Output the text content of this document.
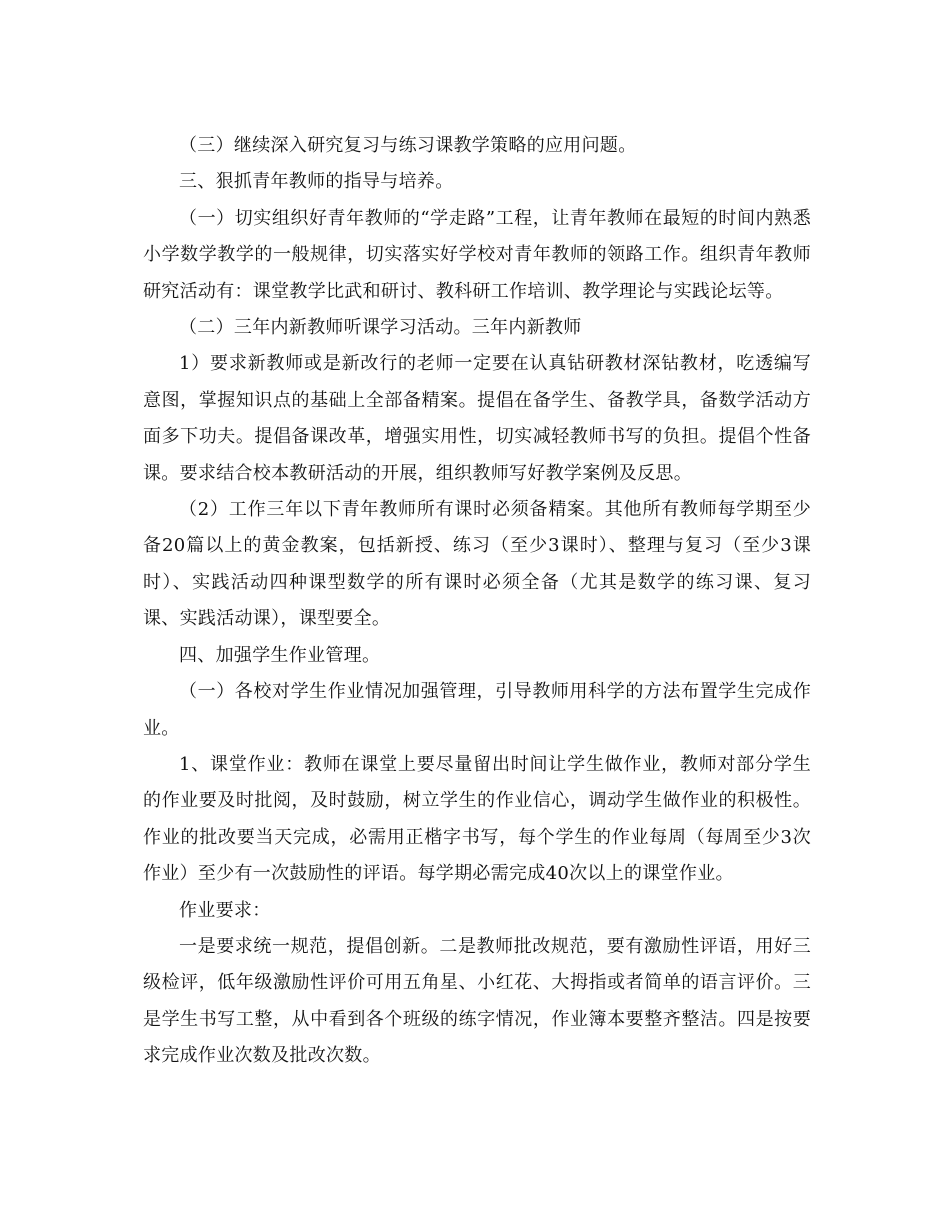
（三）继续深入研究复习与练习课教学策略的应用问题。

三、狠抓青年教师的指导与培养。

（一）切实组织好青年教师的“学走路”工程，让青年教师在最短的时间内熟悉小学数学教学的一般规律，切实落实好学校对青年教师的领路工作。组织青年教师研究活动有：课堂教学比武和研讨、教科研工作培训、教学理论与实践论坛等。

（二）三年内新教师听课学习活动。三年内新教师

1）要求新教师或是新改行的老师一定要在认真钻研教材深钻教材，吃透编写意图，掌握知识点的基础上全部备精案。提倡在备学生、备教学具，备数学活动方面多下功夫。提倡备课改革，增强实用性，切实减轻教师书写的负担。提倡个性备课。要求结合校本教研活动的开展，组织教师写好教学案例及反思。

（2）工作三年以下青年教师所有课时必须备精案。其他所有教师每学期至少备20篇以上的黄金教案，包括新授、练习（至少3课时）、整理与复习（至少3课时）、实践活动四种课型数学的所有课时必须全备（尤其是数学的练习课、复习课、实践活动课），课型要全。

四、加强学生作业管理。

（一）各校对学生作业情况加强管理，引导教师用科学的方法布置学生完成作业。

1、课堂作业：教师在课堂上要尽量留出时间让学生做作业，教师对部分学生的作业要及时批阅，及时鼓励，树立学生的作业信心，调动学生做作业的积极性。作业的批改要当天完成，必需用正楷字书写，每个学生的作业每周（每周至少3次作业）至少有一次鼓励性的评语。每学期必需完成40次以上的课堂作业。

作业要求：

一是要求统一规范，提倡创新。二是教师批改规范，要有激励性评语，用好三级检评，低年级激励性评价可用五角星、小红花、大拇指或者简单的语言评价。三是学生书写工整，从中看到各个班级的练字情况，作业簿本要整齐整洁。四是按要求完成作业次数及批改次数。
